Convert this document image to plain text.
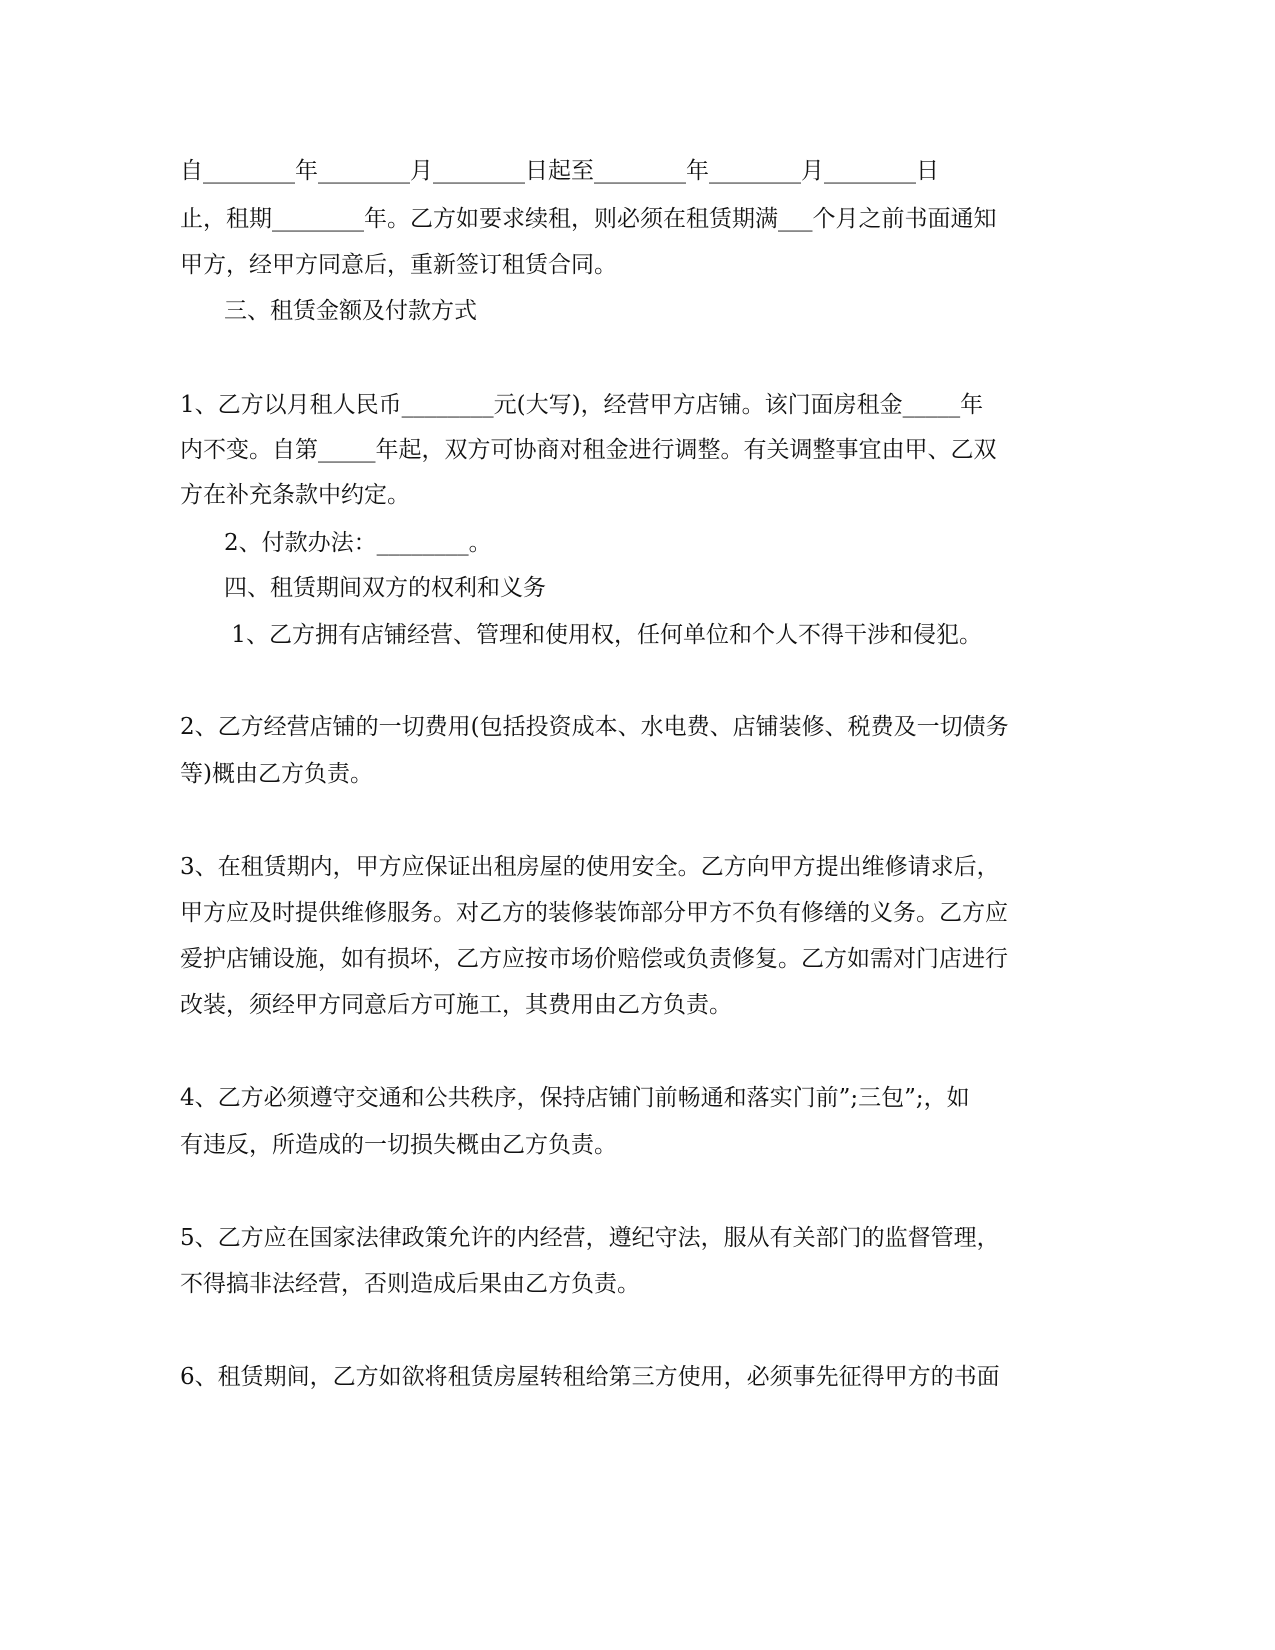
自________年________月________日起至________年________月________日

止，租期________年。乙方如要求续租，则必须在租赁期满___个月之前书面通知

甲方，经甲方同意后，重新签订租赁合同。

三、租赁金额及付款方式

1、乙方以月租人民币________元(大写)，经营甲方店铺。该门面房租金_____年

内不变。自第_____年起，双方可协商对租金进行调整。有关调整事宜由甲、乙双

方在补充条款中约定。

2、付款办法：________。

四、租赁期间双方的权利和义务

1、乙方拥有店铺经营、管理和使用权，任何单位和个人不得干涉和侵犯。

2、乙方经营店铺的一切费用(包括投资成本、水电费、店铺装修、税费及一切债务

等)概由乙方负责。

3、在租赁期内，甲方应保证出租房屋的使用安全。乙方向甲方提出维修请求后，

甲方应及时提供维修服务。对乙方的装修装饰部分甲方不负有修缮的义务。乙方应

爱护店铺设施，如有损坏，乙方应按市场价赔偿或负责修复。乙方如需对门店进行

改装，须经甲方同意后方可施工，其费用由乙方负责。

4、乙方必须遵守交通和公共秩序，保持店铺门前畅通和落实门前”;三包”;，如

有违反，所造成的一切损失概由乙方负责。

5、乙方应在国家法律政策允许的内经营，遵纪守法，服从有关部门的监督管理，

不得搞非法经营，否则造成后果由乙方负责。

6、租赁期间，乙方如欲将租赁房屋转租给第三方使用，必须事先征得甲方的书面
